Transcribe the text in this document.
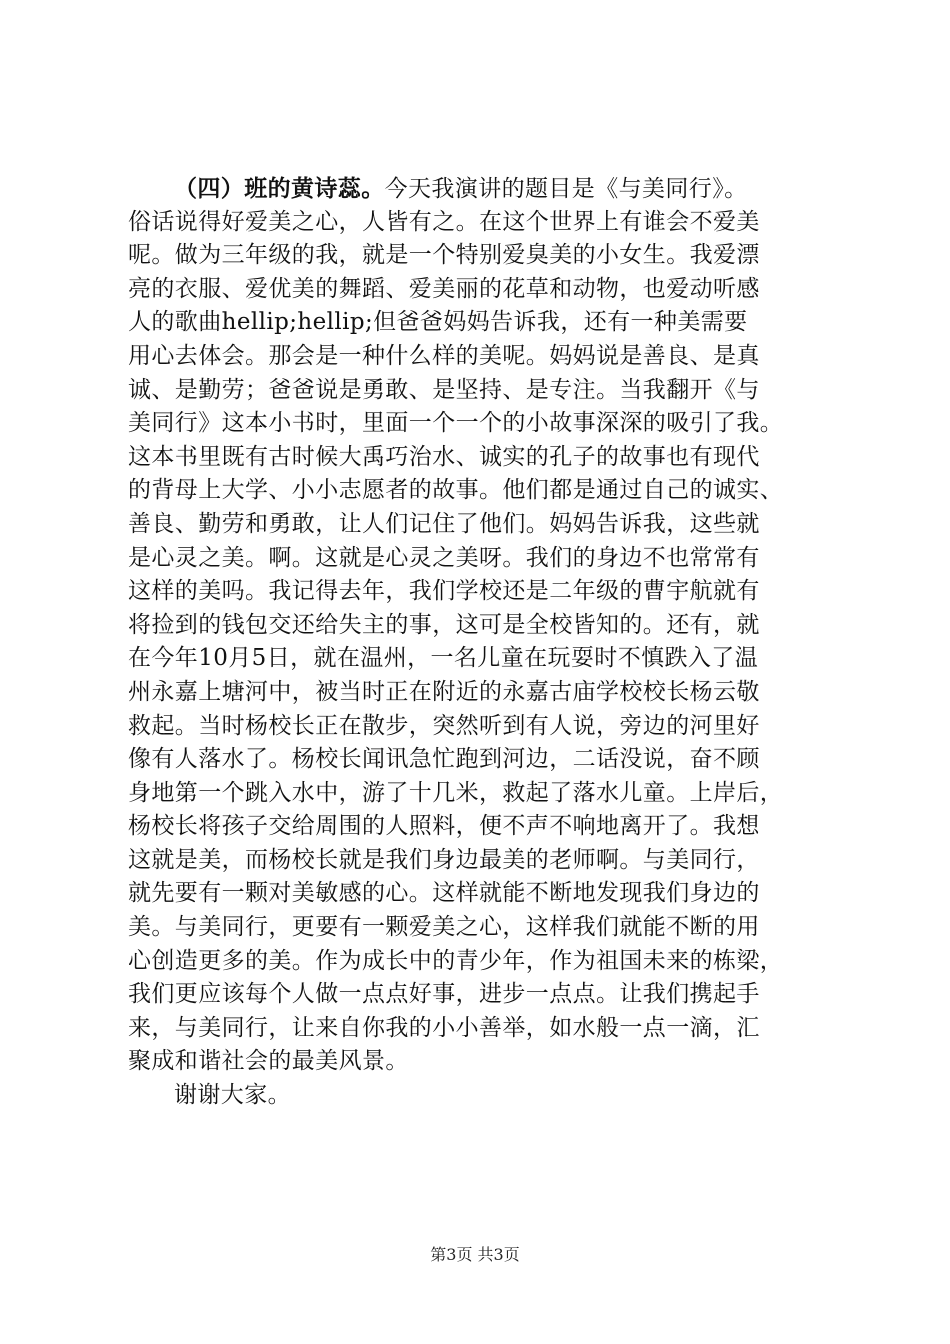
（四）班的黄诗蕊。今天我演讲的题目是《与美同行》。
俗话说得好爱美之心，人皆有之。在这个世界上有谁会不爱美
呢。做为三年级的我，就是一个特别爱臭美的小女生。我爱漂
亮的衣服、爱优美的舞蹈、爱美丽的花草和动物，也爱动听感
人的歌曲hellip;hellip;但爸爸妈妈告诉我，还有一种美需要
用心去体会。那会是一种什么样的美呢。妈妈说是善良、是真
诚、是勤劳；爸爸说是勇敢、是坚持、是专注。当我翻开《与
美同行》这本小书时，里面一个一个的小故事深深的吸引了我。
这本书里既有古时候大禹巧治水、诚实的孔子的故事也有现代
的背母上大学、小小志愿者的故事。他们都是通过自己的诚实、
善良、勤劳和勇敢，让人们记住了他们。妈妈告诉我，这些就
是心灵之美。啊。这就是心灵之美呀。我们的身边不也常常有
这样的美吗。我记得去年，我们学校还是二年级的曹宇航就有
将捡到的钱包交还给失主的事，这可是全校皆知的。还有，就
在今年10月5日，就在温州，一名儿童在玩耍时不慎跌入了温
州永嘉上塘河中，被当时正在附近的永嘉古庙学校校长杨云敬
救起。当时杨校长正在散步，突然听到有人说，旁边的河里好
像有人落水了。杨校长闻讯急忙跑到河边，二话没说，奋不顾
身地第一个跳入水中，游了十几米，救起了落水儿童。上岸后，
杨校长将孩子交给周围的人照料，便不声不响地离开了。我想
这就是美，而杨校长就是我们身边最美的老师啊。与美同行，
就先要有一颗对美敏感的心。这样就能不断地发现我们身边的
美。与美同行，更要有一颗爱美之心，这样我们就能不断的用
心创造更多的美。作为成长中的青少年，作为祖国未来的栋梁，
我们更应该每个人做一点点好事，进步一点点。让我们携起手
来，与美同行，让来自你我的小小善举，如水般一点一滴，汇
聚成和谐社会的最美风景。
谢谢大家。
第3页 共3页
